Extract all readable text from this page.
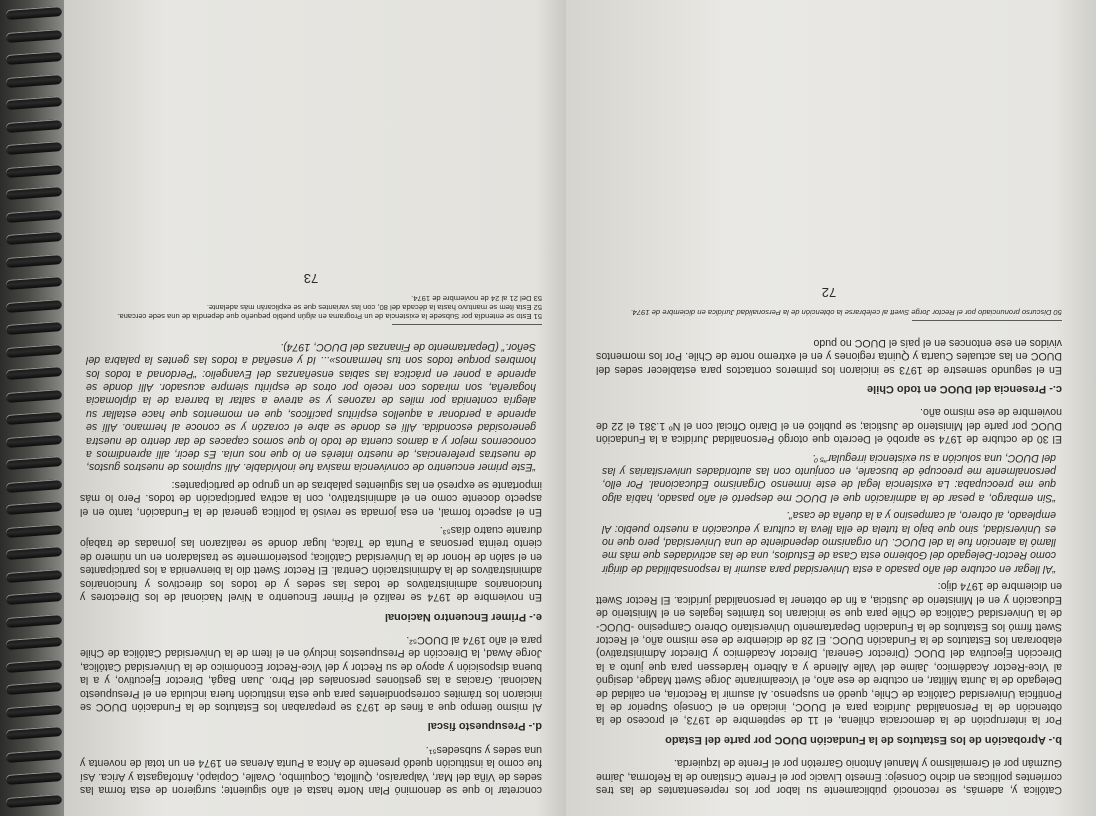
Católica y, además, se reconoció públicamente su labor por los representantes de las tres corrientes políticas en dicho Consejo: Ernesto Livacic por el Frente Cristiano de la Reforma, Jaime Guzmán por el Gremialismo y Manuel Antonio Garretón por el Frente de Izquierda.

b.- Aprobación de los Estatutos de la Fundación DUOC por parte del Estado

Por la interrupción de la democracia chilena, el 11 de septiembre de 1973, el proceso de la obtención de la Personalidad Jurídica para el DUOC, iniciado en el Consejo Superior de la Pontificia Universidad Católica de Chile, quedó en suspenso. Al asumir la Rectoría, en calidad de Delegado de la Junta Militar, en octubre de ese año, el Vicealmirante Jorge Swett Madge, designó al Vice-Rector Académico, Jaime del Valle Allende y a Alberto Hardessen para que junto a la Dirección Ejecutiva del DUOC (Director General, Director Académico y Director Administrativo) elaboraran los Estatutos de la Fundación DUOC. El 28 de diciembre de ese mismo año, el Rector Swett firmó los Estatutos de la Fundación Departamento Universitario Obrero Campesino -DUOC- de la Universidad Católica de Chile para que se iniciaran los trámites legales en el Ministerio de Educación y en el Ministerio de Justicia, a fin de obtener la personalidad jurídica. El Rector Swett en diciembre de 1974 dijo:

“Al llegar en octubre del año pasado a esta Universidad para asumir la responsabilidad de dirigir como Rector-Delegado del Gobierno esta Casa de Estudios, una de las actividades que más me llamó la atención fue la del DUOC. Un organismo dependiente de una Universidad, pero que no es Universidad, sino que bajo la tutela de ella lleva la cultura y educación a nuestro pueblo: Al empleado, al obrero, al campesino y a la dueña de casa”.

“Sin embargo, a pesar de la admiración que el DUOC me despertó el año pasado, había algo que me preocupaba: La existencia legal de este inmenso Organismo Educacional. Por ello, personalmente me preocupé de buscarle, en conjunto con las autoridades universitarias y las del DUOC, una solución a su existencia irregular”⁵⁰.

El 30 de octubre de 1974 se aprobó el Decreto que otorgó Personalidad Jurídica a la Fundación DUOC por parte del Ministerio de Justicia; se publicó en el Diario Oficial con el Nº 1.381 el 22 de noviembre de ese mismo año.

c.- Presencia del DUOC en todo Chile

En el segundo semestre de 1973 se iniciaron los primeros contactos para establecer sedes del DUOC en las actuales Cuarta y Quinta regiones y en el extremo norte de Chile. Por los momentos vividos en ese entonces en el país el DUOC no pudo

50 Discurso pronunciado por el Rector Jorge Swett al celebrarse la obtención de la Personalidad Jurídica en diciembre de 1974.

72

concretar lo que se denominó Plan Norte hasta el año siguiente; surgieron de esta forma las sedes de Viña del Mar, Valparaíso, Quillota, Coquimbo, Ovalle, Copiapó, Antofagasta y Arica. Así fue como la institución quedó presente de Arica a Punta Arenas en 1974 en un total de noventa y una sedes y subsedes⁵¹.

d.- Presupuesto fiscal

Al mismo tiempo que a fines de 1973 se preparaban los Estatutos de la Fundación DUOC se iniciaron los trámites correspondientes para que esta institución fuera incluida en el Presupuesto Nacional. Gracias a las gestiones personales del Pbro. Juan Bagá, Director Ejecutivo, y a la buena disposición y apoyo de su Rector y del Vice-Rector Económico de la Universidad Católica, Jorge Awad, la Dirección de Presupuestos incluyó en el ítem de la Universidad Católica de Chile para el año 1974 al DUOC⁵².

e.- Primer Encuentro Nacional

En noviembre de 1974 se realizó el Primer Encuentro a Nivel Nacional de los Directores y funcionarios administrativos de todas las sedes y de todos los directivos y funcionarios administrativos de la Administración Central. El Rector Swett dio la bienvenida a los participantes en el salón de Honor de la Universidad Católica; posteriormente se trasladaron en un número de ciento treinta personas a Punta de Tralca, lugar donde se realizaron las jornadas de trabajo durante cuatro días⁵³.

En el aspecto formal, en esa jornada se revisó la política general de la Fundación, tanto en el aspecto docente como en el administrativo, con la activa participación de todos. Pero lo más importante se expresó en las siguientes palabras de un grupo de participantes:

“Este primer encuentro de convivencia masiva fue inolvidable. Allí supimos de nuestros gustos, de nuestras preferencias, de nuestro interés en lo que nos unía. Es decir, allí aprendimos a conocernos mejor y a damos cuenta de todo lo que somos capaces de dar dentro de nuestra generosidad escondida. Allí es donde se abre el corazón y se conoce al hermano. Allí se aprende a perdonar a aquellos espíritus pacíficos, que en momentos que hace estallar su alegría contenida por miles de razones y se atreve a saltar la barrera de la diplomacia hogareña, son mirados con recelo por otros de espíritu siempre acusador. Allí donde se aprende a poner en práctica las sabias enseñanzas del Evangelio: “Perdonad a todos los hombres porque todos son tus hermanos»... Id y enseñad a todos las gentes la palabra del Señor.” (Departamento de Finanzas del DUOC, 1974).

51 Esto se entendía por Subsede la existencia de un Programa en algún pueblo pequeño que dependía de una sede cercana.

52 Esta ítem se mantuvo hasta la década del 80, con las variantes que se explicarán más adelante.

53 Del 21 al 24 de noviembre de 1974.

73
